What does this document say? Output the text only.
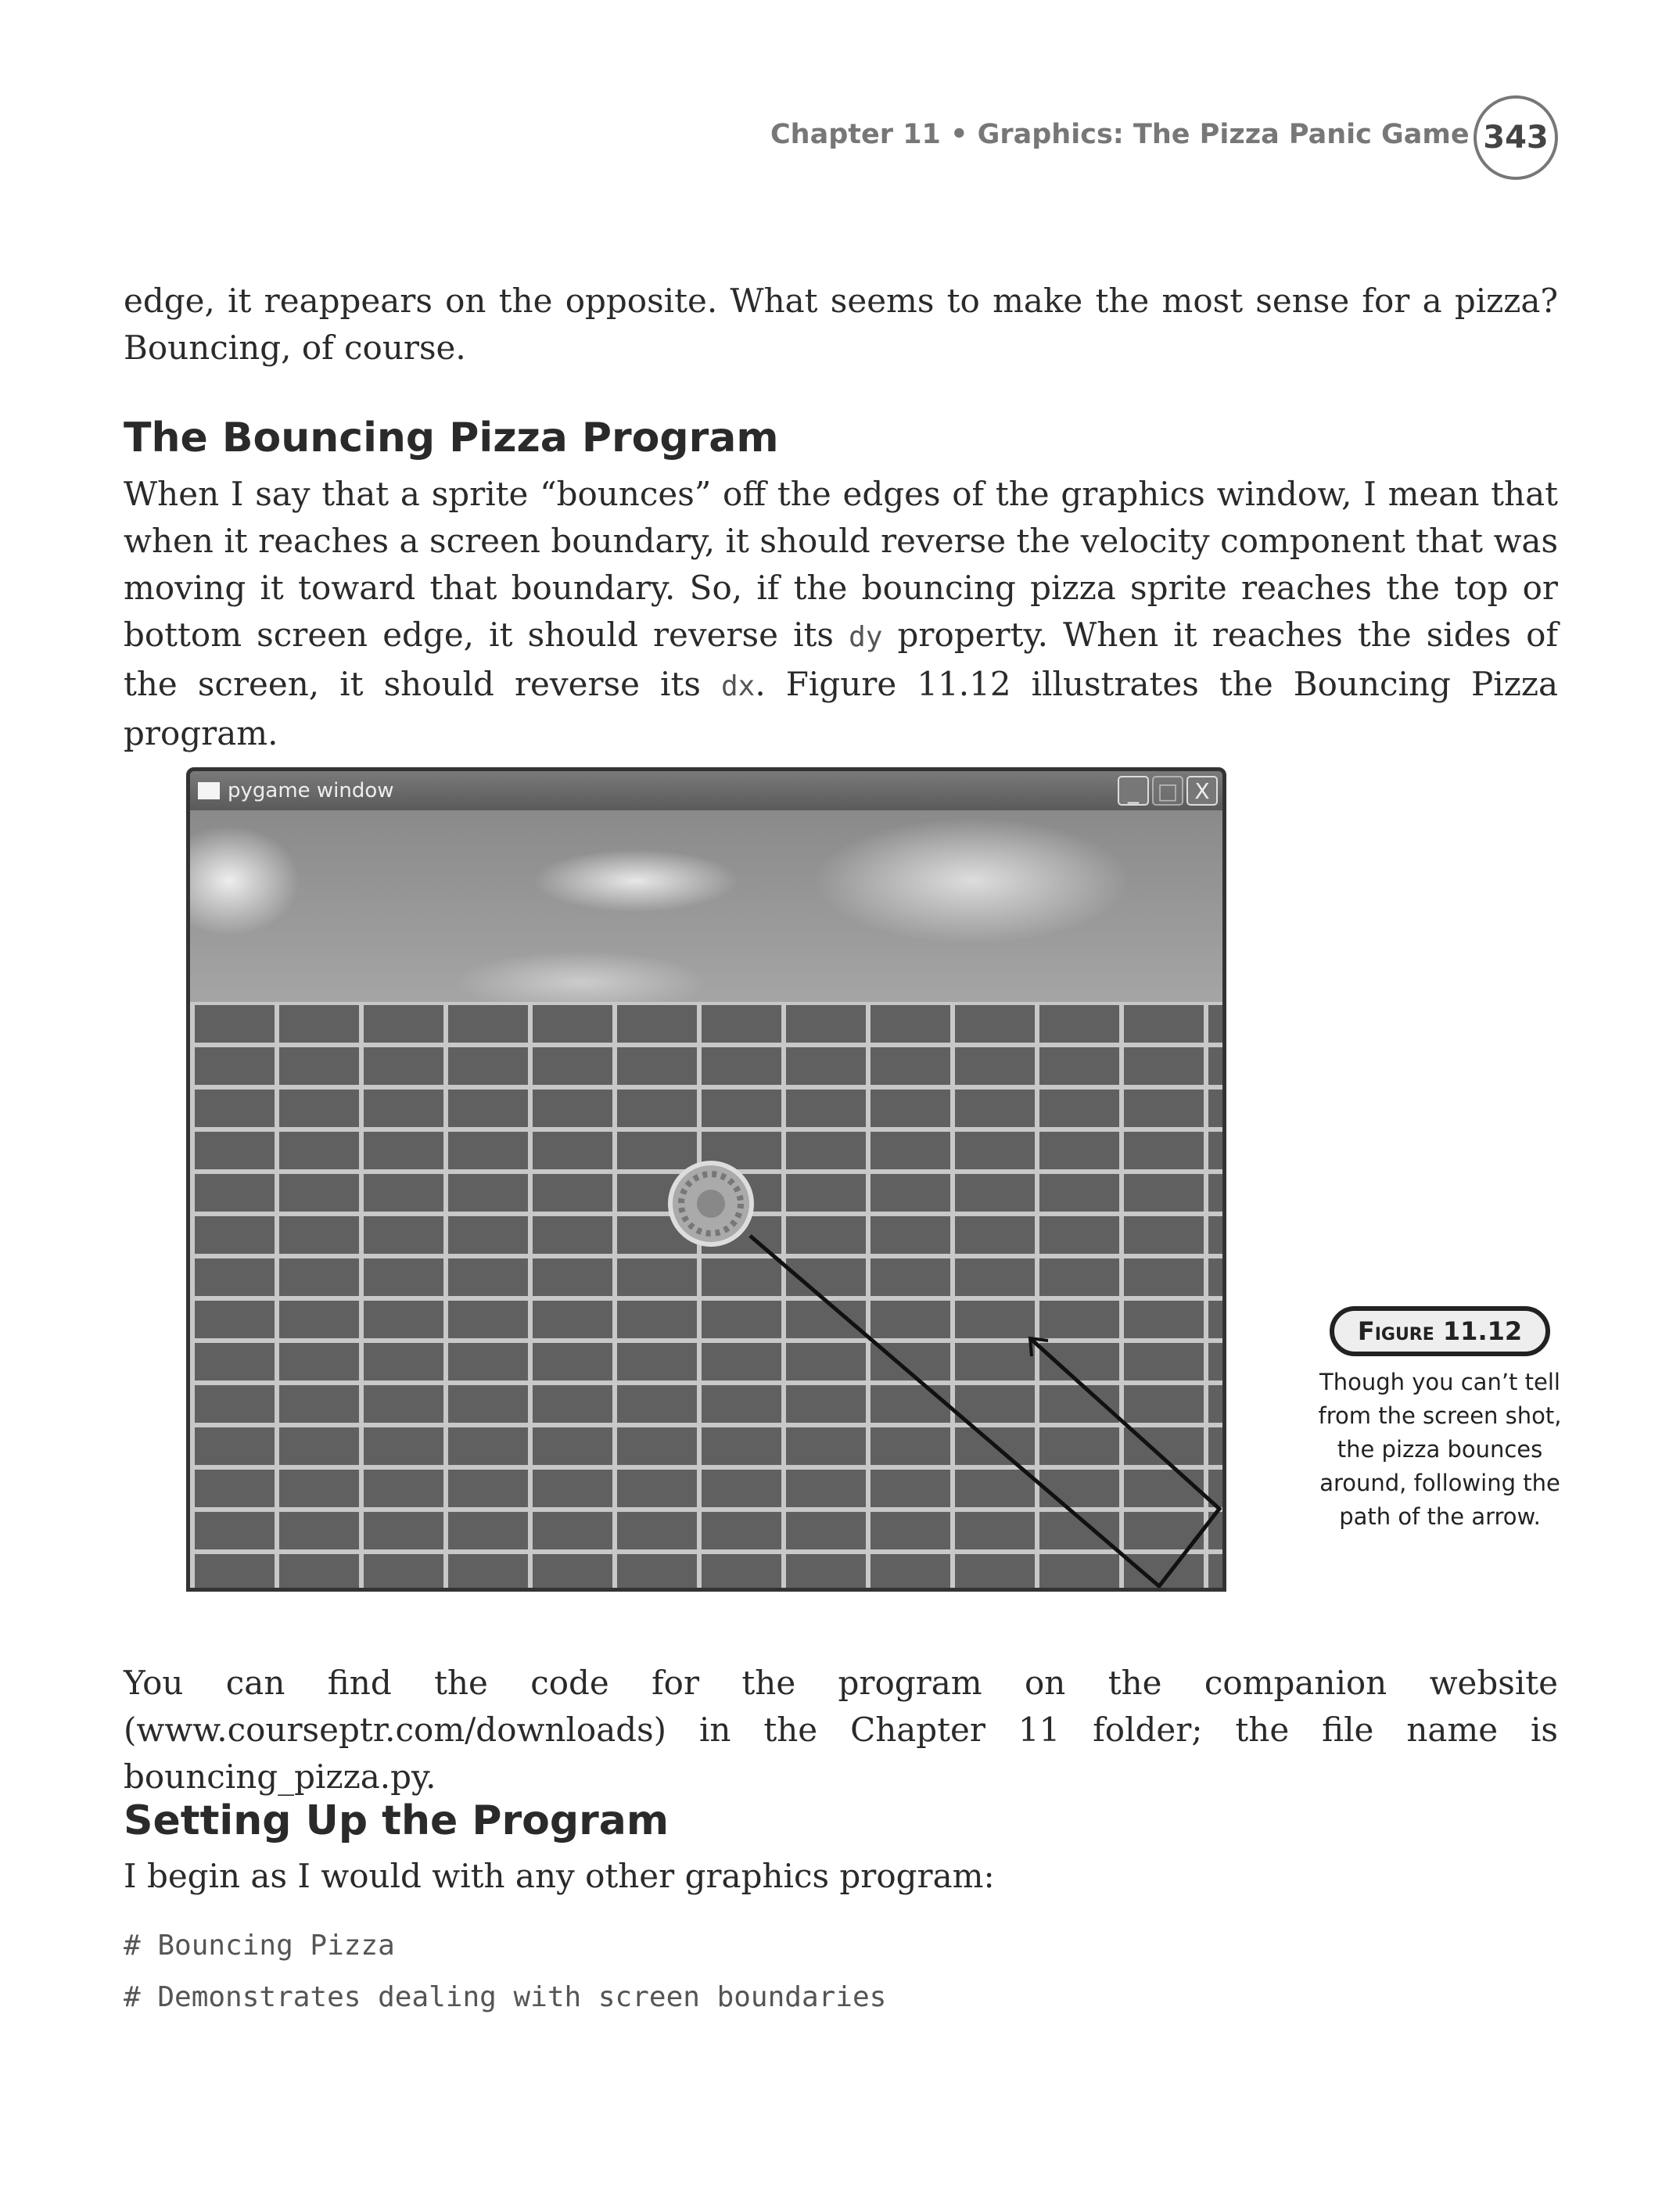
Chapter 11 • Graphics: The Pizza Panic Game 343
edge, it reappears on the opposite. What seems to make the most sense for a pizza? Bouncing, of course.
The Bouncing Pizza Program
When I say that a sprite “bounces” off the edges of the graphics window, I mean that when it reaches a screen boundary, it should reverse the velocity component that was moving it toward that boundary. So, if the bouncing pizza sprite reaches the top or bottom screen edge, it should reverse its dy property. When it reaches the sides of the screen, it should reverse its dx. Figure 11.12 illustrates the Bouncing Pizza program.
pygame window	_ □ X
Figure 11.12
Though you can’t tell from the screen shot, the pizza bounces around, following the path of the arrow.
You can find the code for the program on the companion website (www.courseptr.com/downloads) in the Chapter 11 folder; the file name is bouncing_pizza.py.
Setting Up the Program
I begin as I would with any other graphics program:
# Bouncing Pizza
# Demonstrates dealing with screen boundaries
